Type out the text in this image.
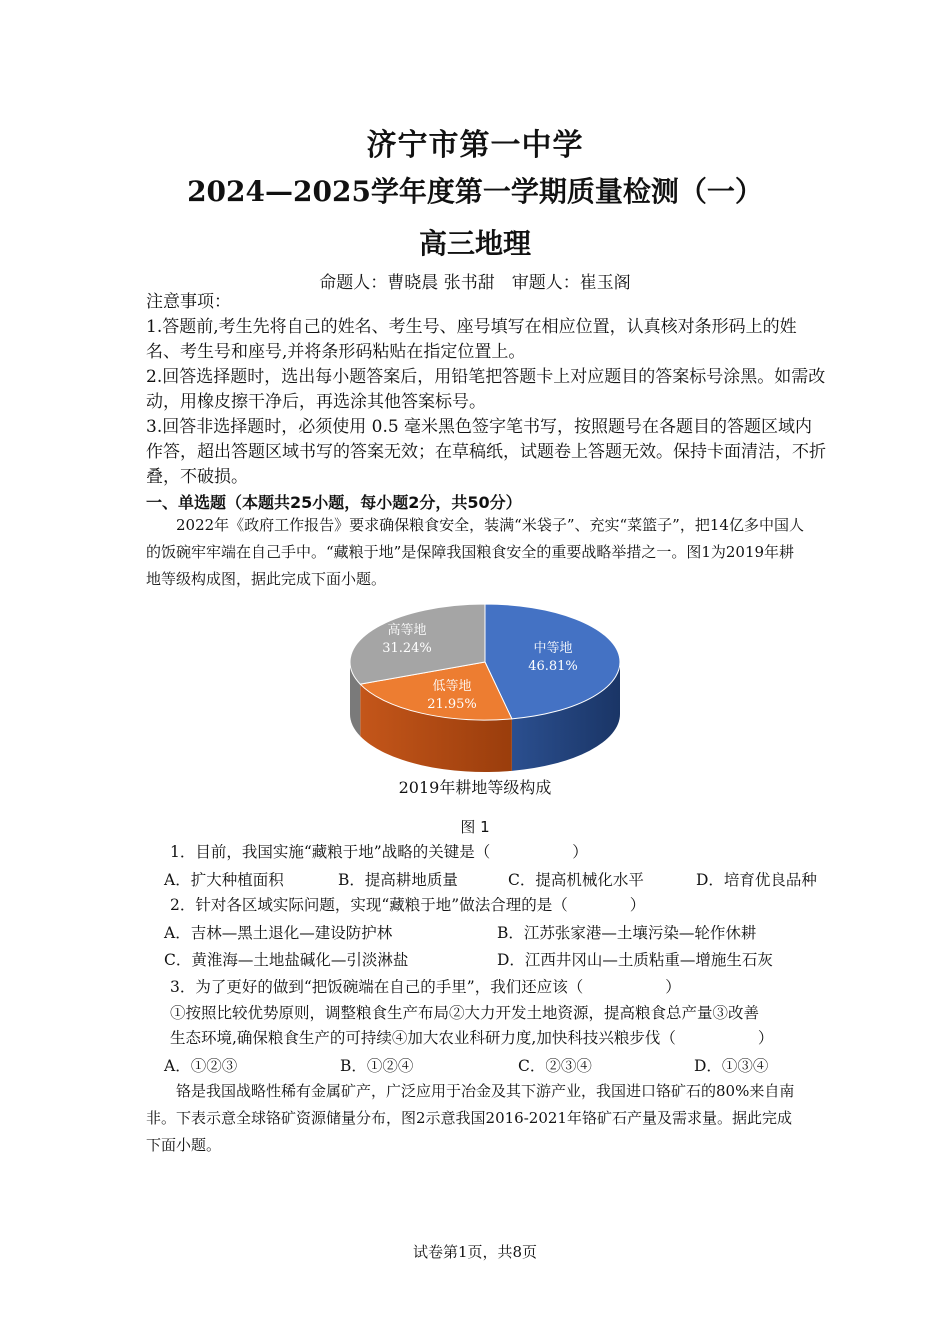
济宁市第一中学
2024—2025学年度第一学期质量检测（一）
高三地理
命题人：曹晓晨 张书甜　审题人：崔玉阁
注意事项：
1.答题前,考生先将自己的姓名、考生号、座号填写在相应位置，认真核对条形码上的姓名、考生号和座号,并将条形码粘贴在指定位置上。
2.回答选择题时，选出每小题答案后，用铅笔把答题卡上对应题目的答案标号涂黑。如需改动，用橡皮擦干净后，再选涂其他答案标号。
3.回答非选择题时，必须使用 0.5 毫米黑色签字笔书写，按照题号在各题目的答题区域内作答，超出答题区域书写的答案无效；在草稿纸，试题卷上答题无效。保持卡面清洁，不折叠，不破损。
一、单选题（本题共25小题，每小题2分，共50分）
2022年《政府工作报告》要求确保粮食安全，装满“米袋子”、充实“菜篮子”，把14亿多中国人的饭碗牢牢端在自己手中。“藏粮于地”是保障我国粮食安全的重要战略举措之一。图1为2019年耕地等级构成图，据此完成下面小题。
中等地
46.81%
低等地
21.95%
高等地
31.24%
2019年耕地等级构成
图 1
1．目前，我国实施“藏粮于地”战略的关键是（	）
A．扩大种植面积	B．提高耕地质量	C．提高机械化水平	D．培育优良品种
2．针对各区域实际问题，实现“藏粮于地”做法合理的是（	）
A．吉林—黑土退化—建设防护林	B．江苏张家港—土壤污染—轮作休耕
C．黄淮海—土地盐碱化—引淡淋盐	D．江西井冈山—土质粘重—增施生石灰
3．为了更好的做到“把饭碗端在自己的手里”，我们还应该（	）
①按照比较优势原则，调整粮食生产布局②大力开发土地资源，提高粮食总产量③改善
生态环境,确保粮食生产的可持续④加大农业科研力度,加快科技兴粮步伐（	）
A．①②③	B．①②④	C．②③④	D．①③④
铬是我国战略性稀有金属矿产，广泛应用于冶金及其下游产业，我国进口铬矿石的80%来自南非。下表示意全球铬矿资源储量分布，图2示意我国2016-2021年铬矿石产量及需求量。据此完成下面小题。
试卷第1页，共8页
